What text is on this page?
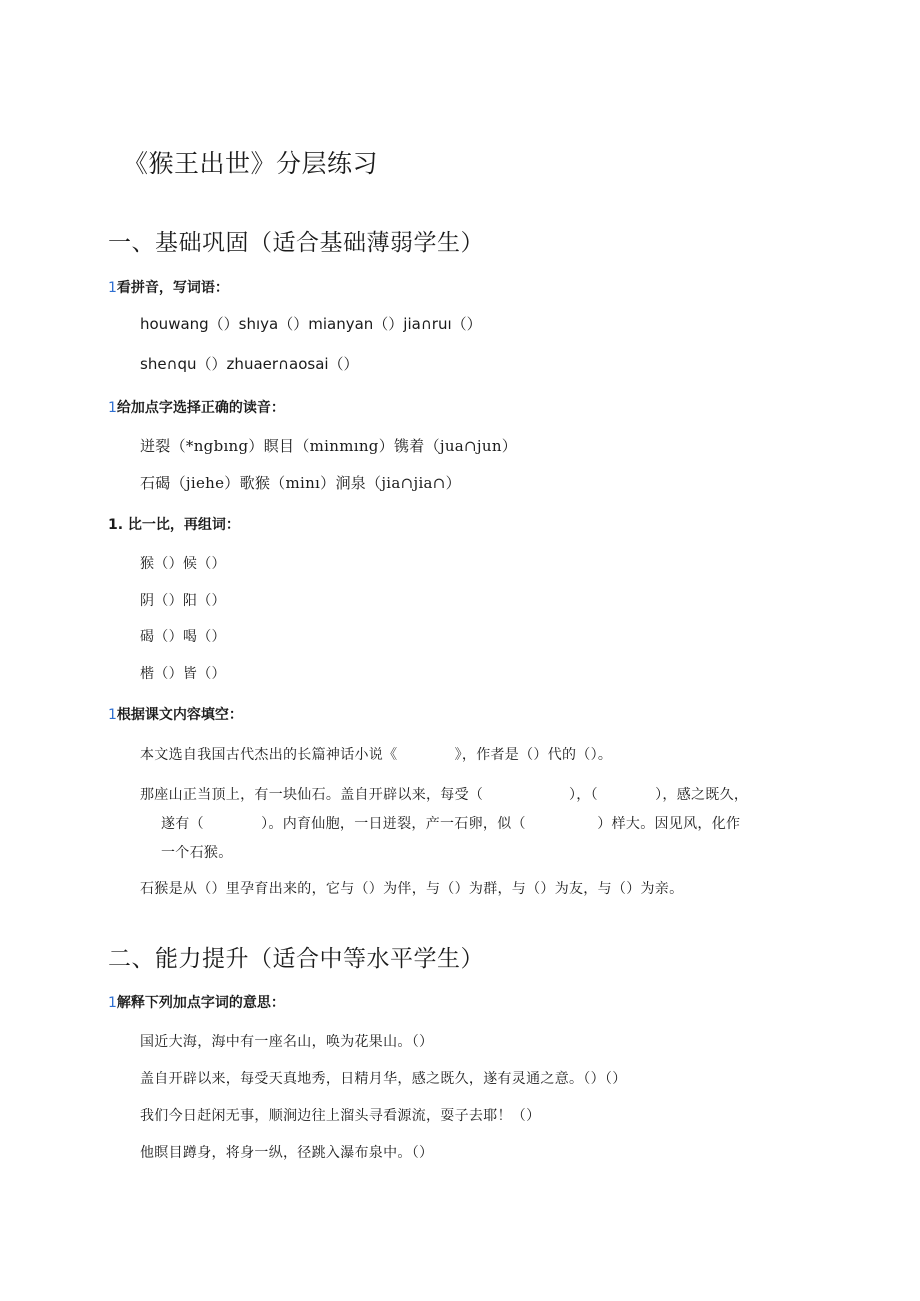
《猴王出世》分层练习
一、基础巩固（适合基础薄弱学生）
1看拼音，写词语：
houwang（）shıya（）mianyan（）jia∩ruı（）
she∩qu（）zhuaer∩aosai（）
1给加点字选择正确的读音：
迸裂（*ngbıng）瞑目（minmıng）镌着（jua∩jun）
石碣（jiehe）歌猴（minı）涧泉（jia∩jia∩）
1. 比一比，再组词：
猴（）候（）
阴（）阳（）
碣（）喝（）
楷（）皆（）
1根据课文内容填空：
本文选自我国古代杰出的长篇神话小说《　　　　》，作者是（）代的（）。
那座山正当顶上，有一块仙石。盖自开辟以来，每受（　　　　　　），（　　　　），感之既久，
遂有（　　　　）。内育仙胞，一日迸裂，产一石卵，似（　　　　　）样大。因见风，化作
一个石猴。
石猴是从（）里孕育出来的，它与（）为伴，与（）为群，与（）为友，与（）为亲。
二、能力提升（适合中等水平学生）
1解释下列加点字词的意思：
国近大海，海中有一座名山，唤为花果山。（）
盖自开辟以来，每受天真地秀，日精月华，感之既久，遂有灵通之意。（）（）
我们今日赶闲无事，顺涧边往上溜头寻看源流，耍子去耶！（）
他瞑目蹲身，将身一纵，径跳入瀑布泉中。（）
